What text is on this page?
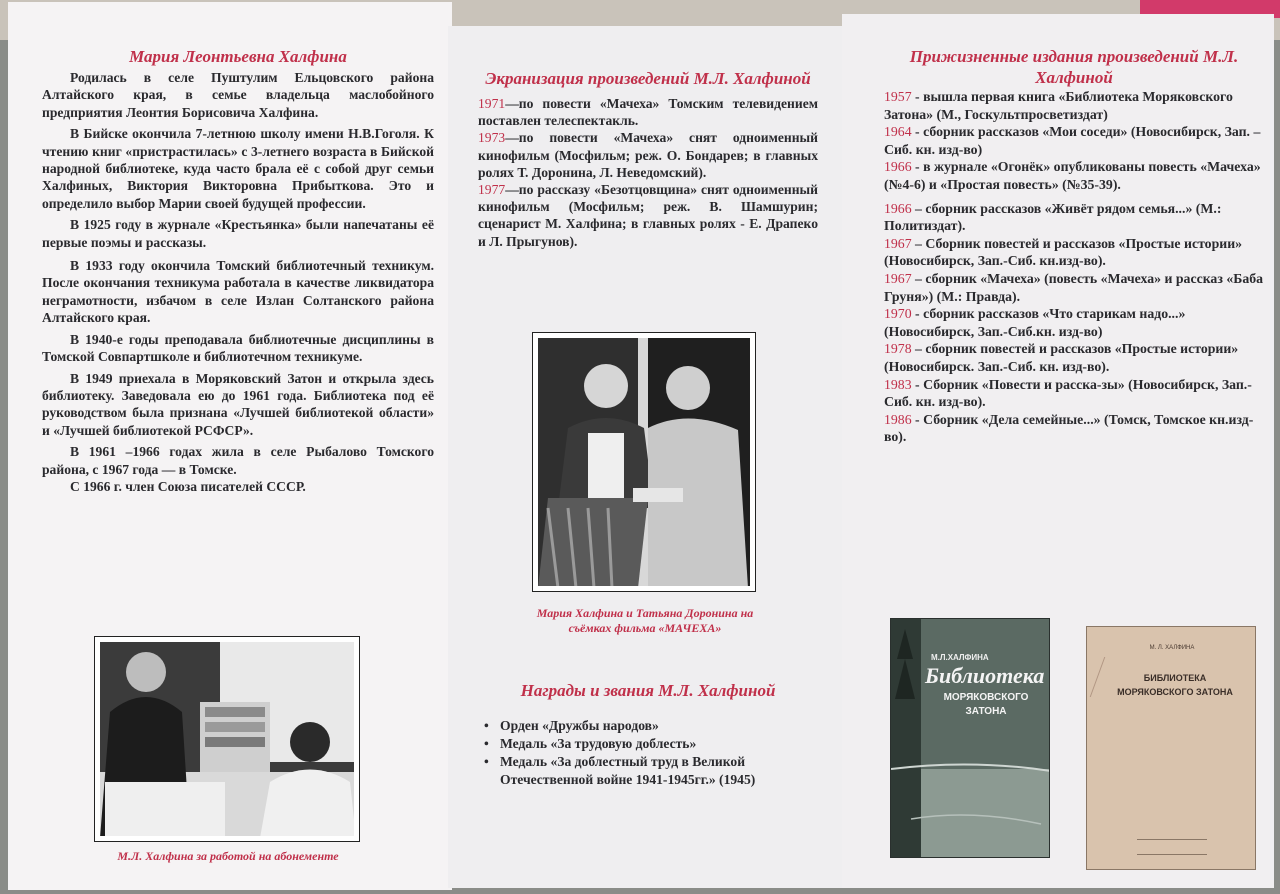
Мария Леонтьевна Халфина

Родилась в селе Пуштулим Ельцовского района Алтайского края, в семье владельца маслобойного предприятия Леонтия Борисовича Халфина.

В Бийске окончила 7-летнюю школу имени Н.В.Гоголя. К чтению книг «пристрастилась» с 3-летнего возраста в Бийской народной библиотеке, куда часто брала её с собой друг семьи Халфиных, Виктория Викторовна Прибыткова. Это и определило выбор Марии своей будущей профессии.

В 1925 году в журнале «Крестьянка» были напечатаны её первые поэмы и рассказы.

В 1933 году окончила Томский библиотечный техникум. После окончания техникума работала в качестве ликвидатора неграмотности, избачом в селе Излан Солтанского района Алтайского края.

В 1940-е годы преподавала библиотечные дисциплины в Томской Совпартшколе и библиотечном техникуме.

В 1949 приехала в Моряковский Затон и открыла здесь библиотеку. Заведовала ею до 1961 года. Библиотека под её руководством была признана «Лучшей библиотекой области» и «Лучшей библиотекой РСФСР».

В 1961 –1966 годах жила в селе Рыбалово Томского района, с 1967 года — в Томске.

С 1966 г. член Союза писателей СССР.

М.Л. Халфина за работой на абонементе
Экранизация произведений М.Л. Халфиной
1971—по повести «Мачеха» Томским телевидением поставлен телеспектакль.
1973—по повести «Мачеха» снят одноименный кинофильм (Мосфильм; реж. О. Бондарев; в главных ролях Т. Доронина, Л. Неведомский).
1977—по рассказу «Безотцовщина» снят одноименный кинофильм (Мосфильм; реж. В. Шамшурин; сценарист М. Халфина; в главных ролях - Е. Драпеко и Л. Прыгунов).
Мария Халфина и Татьяна Доронина на съёмках фильма «МАЧЕХА»
Награды и звания М.Л. Халфиной
• Орден «Дружбы народов»
• Медаль «За трудовую доблесть»
• Медаль «За доблестный труд в Великой Отечественной войне 1941-1945гг.» (1945)
Прижизненные издания произведений М.Л. Халфиной
1957 - вышла первая книга «Библиотека Моряковского Затона» (М., Госкультпросветиздат)
1964 - сборник рассказов «Мои соседи» (Новосибирск, Зап. –Сиб. кн. изд-во)
1966 - в журнале «Огонёк» опубликованы повесть «Мачеха» (№4-6) и «Простая повесть» (№35-39).
1966 – сборник рассказов «Живёт рядом семья...» (М.: Политиздат).
1967 – Сборник повестей и рассказов «Простые истории» (Новосибирск, Зап.-Сиб. кн.изд-во).
1967 – сборник «Мачеха» (повесть «Мачеха» и рассказ «Баба Груня») (М.: Правда).
1970 - сборник рассказов «Что старикам надо...» (Новосибирск, Зап.-Сиб.кн. изд-во)
1978 – сборник повестей и рассказов «Простые истории» (Новосибирск. Зап.-Сиб. кн. изд-во).
1983 - Сборник «Повести и расска-зы» (Новосибирск, Зап.-Сиб. кн. изд-во).
1986 - Сборник «Дела семейные...» (Томск, Томское кн.изд-во).
М.Л.ХАЛФИНА
Библиотека
МОРЯКОВСКОГО ЗАТОНА
М. Л. ХАЛФИНА
БИБЛИОТЕКА МОРЯКОВСКОГО ЗАТОНА
